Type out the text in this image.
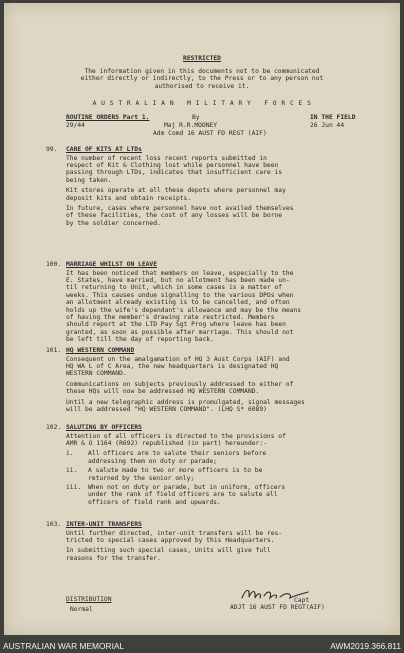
RESTRICTED
The information given in this documents not to be communicated
either directly or indirectly, to the Press or to any person not
authorised to receive it.
A U S T R A L I A N   M I L I T A R Y   F O R C E S
ROUTINE ORDERS Part 1.
29/44
By
Maj R.R.MOONEY
Adm Comd 16 AUST FD REGT (AIF)
IN THE FIELD
26 Jun 44
99. CARE OF KITS AT LTDs
The number of recent loss recent reports submitted in
respect of Kit & Clothing lost while personnel have been
passing through LTDs, indicates that insufficient care is
being taken.
Kit stores operate at all these depots where personnel may
deposit kits and obtain receipts.
In future, cases where personnel have not availed themselves
of these facilities, the cost of any losses will be borne
by the soldier concerned.
100. MARRIAGE WHILST ON LEAVE
It has been noticed that members on leave, especially to the
E. States, have married, but no allotment has been made un-
til returning to Unit, which in some cases is a matter of
weeks. This causes undue signalling to the various DPOs when
an allotment already existing is to be cancelled, and often
holds up the wife's dependant's allowance and may be the means
of having the member's drawing rate restricted. Members
should report at the LTD Pay Sgt Prog where leave has been
granted, as soon as possible after marriage. This should not
be left till the day of reporting back.
101. HQ WESTERN COMMAND
Consequent on the amalgamation of HQ 3 Aust Corps (AIF) and
HQ WA L of C Area, the new headquarters is designated HQ
WESTERN COMMAND.
Communications on subjects previously addressed to either of
these HQs will now be addressed HQ WESTERN COMMAND.
Until a new telegraphic address is promulgated, signal messages
will be addressed "HQ WESTERN COMMAND". (LHQ S* 6089)
102. SALUTING BY OFFICERS
Attention of all officers is directed to the provisions of
AMR & O 1164 (R692) republished (in part) hereunder:-
i. All officers are to salute their seniors before
addressing them on duty or parade;
ii. A salute made to two or more officers is to be
returned by the senior only;
iii. When not on duty or parade, but in uniform, officers
under the rank of field officers are to salute all
officers of field rank and upwards.
103. INTER-UNIT TRANSFERS
Until further directed, inter-unit transfers will be res-
tricted to special cases approved by this Headquarters.
In submitting such special cases, Units will give full
reasons for the transfer.
Capt
ADJT 16 AUST FD REGT(AIF)
DISTRIBUTION
Normal
AUSTRALIAN WAR MEMORIAL	AWM2019.366.811
